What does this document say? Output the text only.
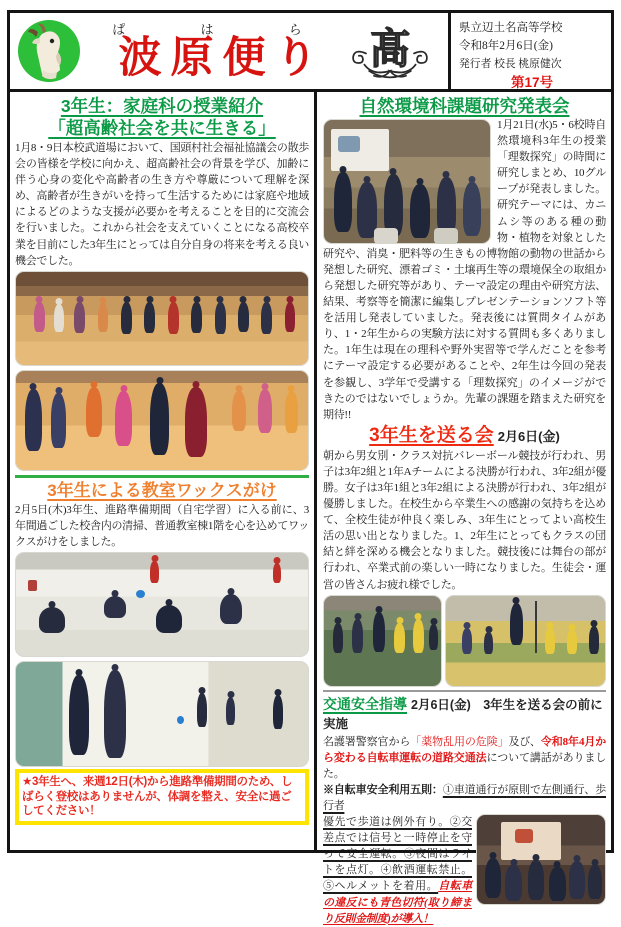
ぱ は ら
波原便り 髙	県立辺土名高等学校
令和8年2月6日(金)
発行者 校長 桃原健次
第17号
3年生：家庭科の授業紹介
「超高齢社会を共に生きる」

1月8・9日本校武道場において、国頭村社会福祉協議会の散歩会の皆様を学校に向かえ、超高齢社会の背景を学び、加齢に伴う心身の変化や高齢者の生き方や尊厳について理解を深め、高齢者が生きがいを持って生活するためには家庭や地域によるどのような支援が必要かを考えることを目的に交流会を行いました。これから社会を支えていくことになる高校卒業を目前にした3年生にとっては自分自身の将来を考える良い機会でした。

3年生による教室ワックスがけ

2月5日(木)3年生、進路準備期間（自宅学習）に入る前に、3年間過ごした校舎内の清掃、普通教室棟1階を心を込めてワックスがけをしました。

★3年生へ、来週12日(木)から進路準備期間のため、しばらく登校はありませんが、体調を整え、安全に過ごしてください！
自然環境科課題研究発表会

1月21日(水)5・6校時自然環境科3年生の授業「理数探究」の時間に研究しまとめ、10グループが発表しました。研究テーマには、カニムシ等のある種の動物・植物を対象とした研究や、消臭・肥料等の生きもの博物館の動物の世話から発想した研究、漂着ゴミ・土壌再生等の環境保全の取組から発想した研究等があり、テーマ設定の理由や研究方法、結果、考察等を簡潔に編集しプレゼンテーションソフト等を活用し発表していました。発表後には質問タイムがあり、1・2年生からの実験方法に対する質問も多くありました。1年生は現在の理科や野外実習等で学んだことを参考にテーマ設定する必要があることや、2年生は今回の発表を参観し、3学年で受講する「理数探究」のイメージができたのではないでしょうか。先輩の課題を踏まえた研究を期待!!

3年生を送る会 2月6日(金)

朝から男女別・クラス対抗バレーボール競技が行われ、男子は3年2組と1年Aチームによる決勝が行われ、3年2組が優勝。女子は3年1組と3年2組による決勝が行われ、3年2組が優勝しました。在校生から卒業生への感謝の気持ちを込めて、全校生徒が仲良く楽しみ、3年生にとってよい高校生活の思い出となりました。1、2年生にとってもクラスの団結と絆を深める機会となりました。競技後には舞台の部が行われ、卒業式前の楽しい一時になりました。生徒会・運営の皆さんお疲れ様でした。

交通安全指導 2月6日(金)　3年生を送る会の前に実施

名護署警察官から「薬物乱用の危険」及び、令和8年4月から変わる自転車運転の道路交通法について講話がありました。

※自転車安全利用五則：①車道通行が原則で左側通行、歩行者

優先で歩道は例外有り。②交差点では信号と一時停止を守って安全運転。③夜間はライトを点灯。④飲酒運転禁止。⑤ヘルメットを着用。自転車の違反にも青色切符(取り締まり反則金制度)が導入！
